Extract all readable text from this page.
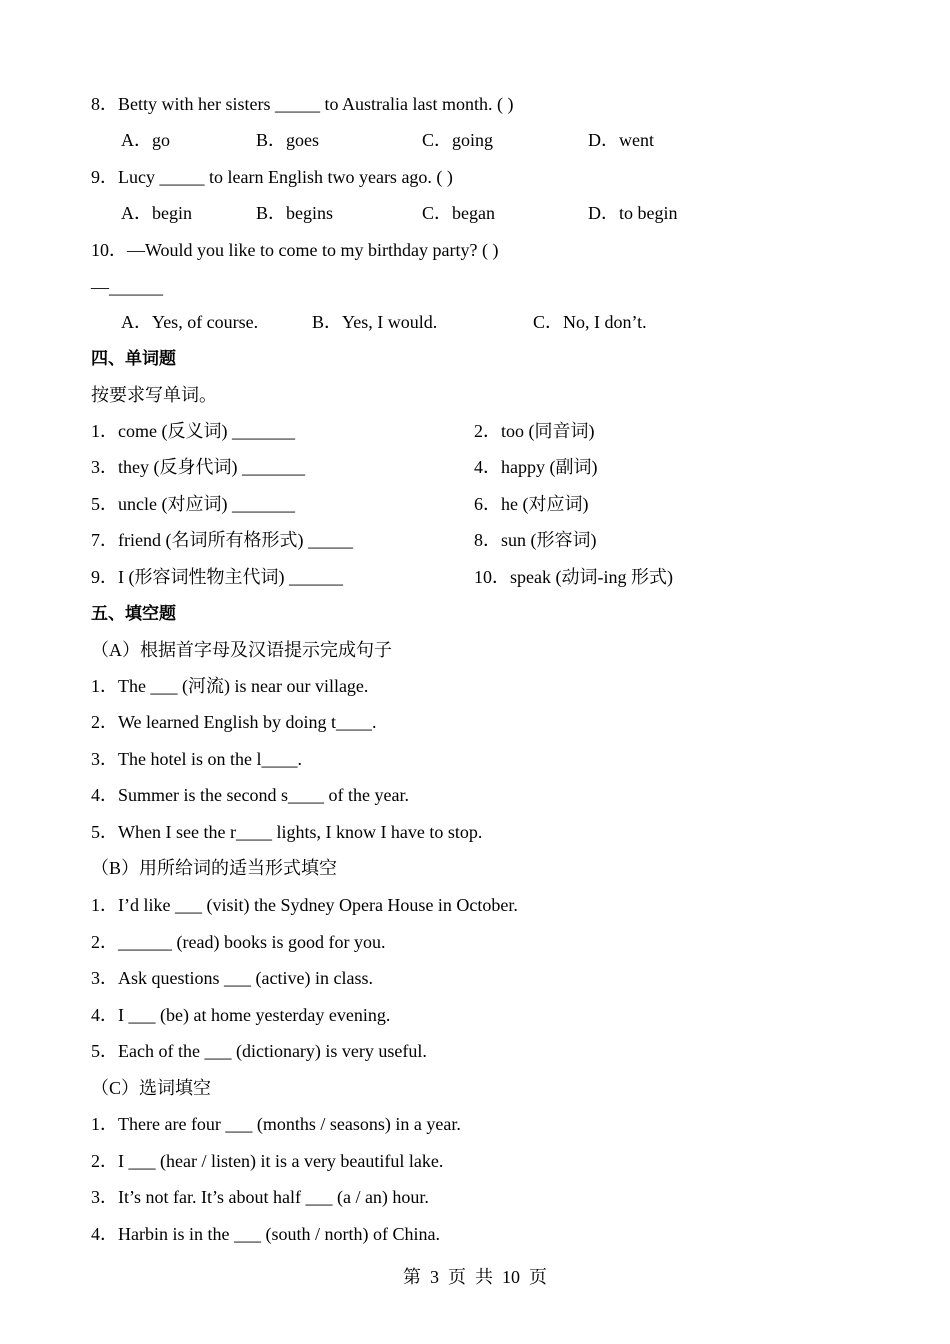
8．Betty with her sisters _____ to Australia last month. ( )
A．go	B．goes	C．going	D．went
9．Lucy _____ to learn English two years ago. ( )
A．begin	B．begins	C．began	D．to begin
10．—Would you like to come to my birthday party? ( )
—______
A．Yes, of course.	B．Yes, I would.	C．No, I don’t.
四、单词题
按要求写单词。
1．come (反义词) _______	2．too (同音词)
3．they (反身代词) _______	4．happy (副词)
5．uncle (对应词) _______	6．he (对应词)
7．friend (名词所有格形式) _____	8．sun (形容词)
9．I (形容词性物主代词) ______	10．speak (动词-ing 形式)
五、填空题
（A）根据首字母及汉语提示完成句子
1．The ___ (河流) is near our village.
2．We learned English by doing t____.
3．The hotel is on the l____.
4．Summer is the second s____ of the year.
5．When I see the r____ lights, I know I have to stop.
（B）用所给词的适当形式填空
1．I’d like ___ (visit) the Sydney Opera House in October.
2．______ (read) books is good for you.
3．Ask questions ___ (active) in class.
4．I ___ (be) at home yesterday evening.
5．Each of the ___ (dictionary) is very useful.
（C）选词填空
1．There are four ___ (months / seasons) in a year.
2．I ___ (hear / listen) it is a very beautiful lake.
3．It’s not far. It’s about half ___ (a / an) hour.
4．Harbin is in the ___ (south / north) of China.
第  3  页  共  10  页
